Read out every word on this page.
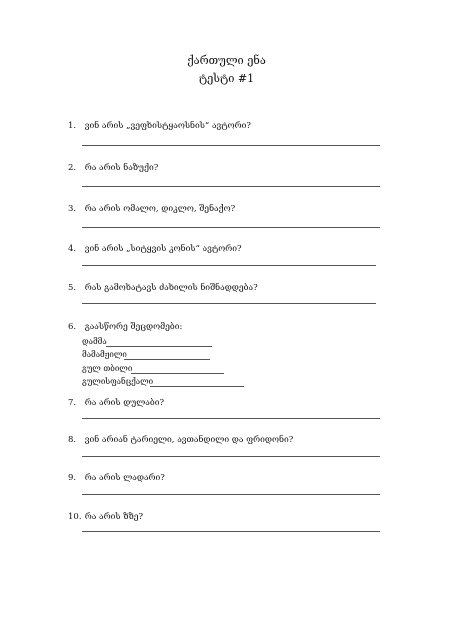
ქართული ენა
ტესტი #1
1. ვინ არის „ვეფხისტყაოსნის“ ავტორი?
2. რა არის ნაზუქი?
3. რა არის ომალო, დიკლო, შენაქო?
4. ვინ არის „სიტყვის კონის“ ავტორი?
5. რას გამოხატავს ძახილის ნიშნადდება?
6. გაასწორე შეცდომები:
დამმა
მამამჟილი
გულ თბილი
გულისფანცქალი
7. რა არის დულაბი?
8. ვინ არიან ტარიელი, ავთანდილი და ფრიდონი?
9. რა არის ლადარი?
10. რა არის ზზე?
